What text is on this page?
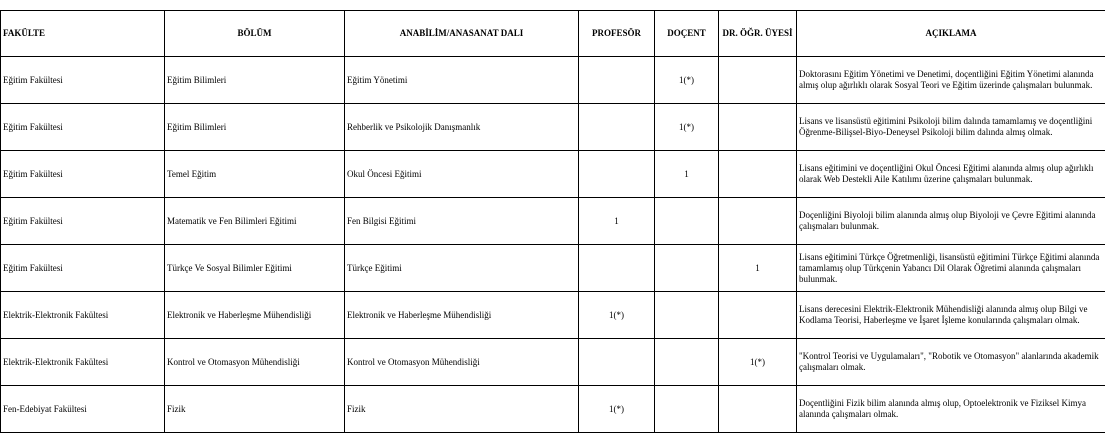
FAKÜLTE	BÖLÜM	ANABİLİM/ANASANAT DALI	PROFESÖR	DOÇENT	DR. ÖĞR. ÜYESİ	AÇIKLAMA
Eğitim Fakültesi	Eğitim Bilimleri	Eğitim Yönetimi		1(*)		Doktorasını Eğitim Yönetimi ve Denetimi, doçentliğini Eğitim Yönetimi alanında almış olup ağırlıklı olarak Sosyal Teori ve Eğitim üzerinde çalışmaları bulunmak.
Eğitim Fakültesi	Eğitim Bilimleri	Rehberlik ve Psikolojik Danışmanlık		1(*)		Lisans ve lisansüstü eğitimini Psikoloji bilim dalında tamamlamış ve doçentliğini Öğrenme-Bilişsel-Biyo-Deneysel Psikoloji bilim dalında almış olmak.
Eğitim Fakültesi	Temel Eğitim	Okul Öncesi Eğitimi		1		Lisans eğitimini ve doçentliğini Okul Öncesi Eğitimi alanında almış olup ağırlıklı olarak Web Destekli Aile Katılımı üzerine çalışmaları bulunmak.
Eğitim Fakültesi	Matematik ve Fen Bilimleri Eğitimi	Fen Bilgisi Eğitimi	1			Doçenliğini Biyoloji bilim alanında almış olup Biyoloji ve Çevre Eğitimi alanında çalışmaları bulunmak.
Eğitim Fakültesi	Türkçe Ve Sosyal Bilimler Eğitimi	Türkçe Eğitimi			1	Lisans eğitimini Türkçe Öğretmenliği, lisansüstü eğitimini Türkçe Eğitimi alanında tamamlamış olup Türkçenin Yabancı Dil Olarak Öğretimi alanında çalışmaları bulunmak.
Elektrik-Elektronik Fakültesi	Elektronik ve Haberleşme Mühendisliği	Elektronik ve Haberleşme Mühendisliği	1(*)			Lisans derecesini Elektrik-Elektronik Mühendisliği alanında almış olup Bilgi ve Kodlama Teorisi, Haberleşme ve İşaret İşleme konularında çalışmaları olmak.
Elektrik-Elektronik Fakültesi	Kontrol ve Otomasyon Mühendisliği	Kontrol ve Otomasyon Mühendisliği			1(*)	"Kontrol Teorisi ve Uygulamaları", "Robotik ve Otomasyon" alanlarında akademik çalışmaları olmak.
Fen-Edebiyat Fakültesi	Fizik	Fizik	1(*)			Doçentliğini Fizik bilim alanında almış olup, Optoelektronik ve Fiziksel Kimya alanında çalışmaları olmak.
